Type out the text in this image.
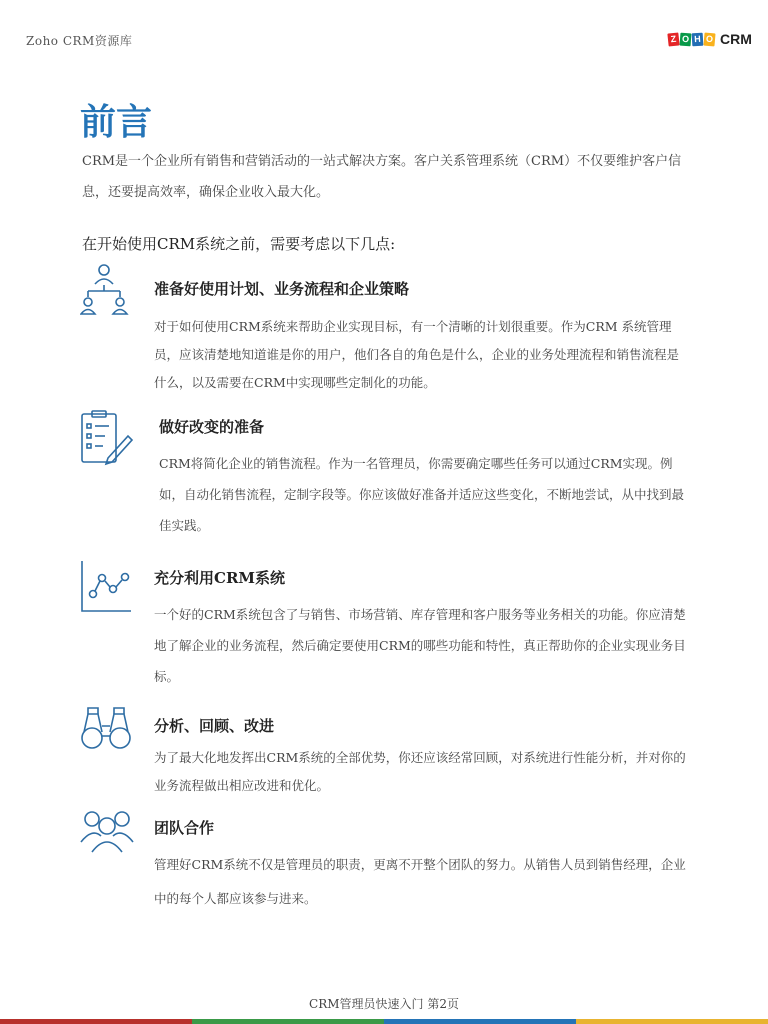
Zoho CRM资源库	Z O H O CRM
前言
CRM是一个企业所有销售和营销活动的一站式解决方案。客户关系管理系统（CRM）不仅要维护客户信息，还要提高效率，确保企业收入最大化。
在开始使用CRM系统之前，需要考虑以下几点:
准备好使用计划、业务流程和企业策略
对于如何使用CRM系统来帮助企业实现目标，有一个清晰的计划很重要。作为CRM 系统管理员，应该清楚地知道谁是你的用户，他们各自的角色是什么，企业的业务处理流程和销售流程是什么，以及需要在CRM中实现哪些定制化的功能。
做好改变的准备
CRM将简化企业的销售流程。作为一名管理员，你需要确定哪些任务可以通过CRM实现。例如，自动化销售流程，定制字段等。你应该做好准备并适应这些变化，不断地尝试，从中找到最佳实践。
充分利用CRM系统
一个好的CRM系统包含了与销售、市场营销、库存管理和客户服务等业务相关的功能。你应清楚地了解企业的业务流程，然后确定要使用CRM的哪些功能和特性，真正帮助你的企业实现业务目标。
分析、回顾、改进
为了最大化地发挥出CRM系统的全部优势，你还应该经常回顾，对系统进行性能分析，并对你的业务流程做出相应改进和优化。
团队合作
管理好CRM系统不仅是管理员的职责，更离不开整个团队的努力。从销售人员到销售经理，企业中的每个人都应该参与进来。
CRM管理员快速入门 第2页
